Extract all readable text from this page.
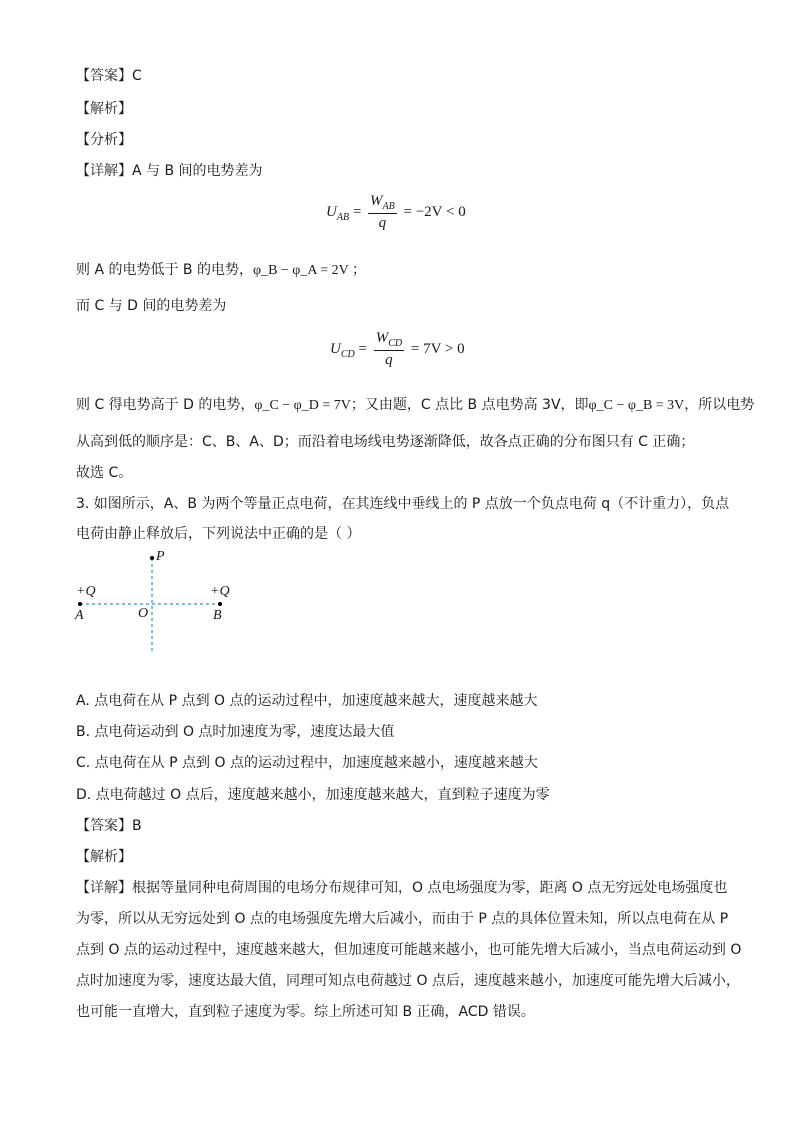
【答案】C
【解析】
【分析】
【详解】A 与 B 间的电势差为
$U_{AB} = \frac{W_{AB}}{q} = -2V < 0$
则 A 的电势低于 B 的电势，φ_B − φ_A = 2V ；
而 C 与 D 间的电势差为
$U_{CD} = \frac{W_{CD}}{q} = 7V > 0$
则 C 得电势高于 D 的电势，φ_C − φ_D = 7V；又由题，C 点比 B 点电势高 3V，即φ_C − φ_B = 3V，所以电势
从高到低的顺序是：C、B、A、D；而沿着电场线电势逐渐降低，故各点正确的分布图只有 C 正确；
故选 C。
3. 如图所示，A、B 为两个等量正点电荷，在其连线中垂线上的 P 点放一个负点电荷 q（不计重力），负点
电荷由静止释放后，下列说法中正确的是（ ）
P
+Q	+Q
O
A	B
A. 点电荷在从 P 点到 O 点的运动过程中，加速度越来越大，速度越来越大
B. 点电荷运动到 O 点时加速度为零，速度达最大值
C. 点电荷在从 P 点到 O 点的运动过程中，加速度越来越小，速度越来越大
D. 点电荷越过 O 点后，速度越来越小，加速度越来越大，直到粒子速度为零
【答案】B
【解析】
【详解】根据等量同种电荷周围的电场分布规律可知，O 点电场强度为零，距离 O 点无穷远处电场强度也
为零，所以从无穷远处到 O 点的电场强度先增大后减小，而由于 P 点的具体位置未知，所以点电荷在从 P
点到 O 点的运动过程中，速度越来越大，但加速度可能越来越小，也可能先增大后减小，当点电荷运动到 O
点时加速度为零，速度达最大值，同理可知点电荷越过 O 点后，速度越来越小，加速度可能先增大后减小，
也可能一直增大，直到粒子速度为零。综上所述可知 B 正确，ACD 错误。
